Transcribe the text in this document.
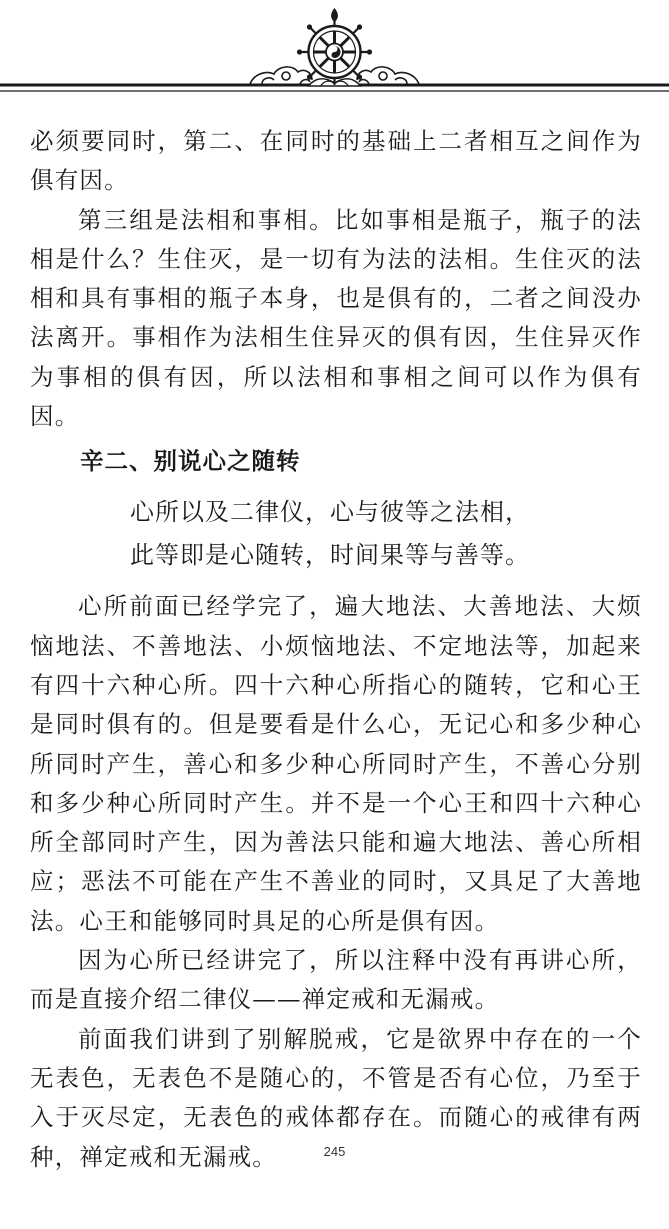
必须要同时，第二、在同时的基础上二者相互之间作为俱有因。

第三组是法相和事相。比如事相是瓶子，瓶子的法相是什么？生住灭，是一切有为法的法相。生住灭的法相和具有事相的瓶子本身，也是俱有的，二者之间没办法离开。事相作为法相生住异灭的俱有因，生住异灭作为事相的俱有因，所以法相和事相之间可以作为俱有因。

辛二、别说心之随转

心所以及二律仪，心与彼等之法相，

此等即是心随转，时间果等与善等。

心所前面已经学完了，遍大地法、大善地法、大烦恼地法、不善地法、小烦恼地法、不定地法等，加起来有四十六种心所。四十六种心所指心的随转，它和心王是同时俱有的。但是要看是什么心，无记心和多少种心所同时产生，善心和多少种心所同时产生，不善心分别和多少种心所同时产生。并不是一个心王和四十六种心所全部同时产生，因为善法只能和遍大地法、善心所相应；恶法不可能在产生不善业的同时，又具足了大善地法。心王和能够同时具足的心所是俱有因。

因为心所已经讲完了，所以注释中没有再讲心所，而是直接介绍二律仪——禅定戒和无漏戒。

前面我们讲到了别解脱戒，它是欲界中存在的一个无表色，无表色不是随心的，不管是否有心位，乃至于入于灭尽定，无表色的戒体都存在。而随心的戒律有两种，禅定戒和无漏戒。	245
